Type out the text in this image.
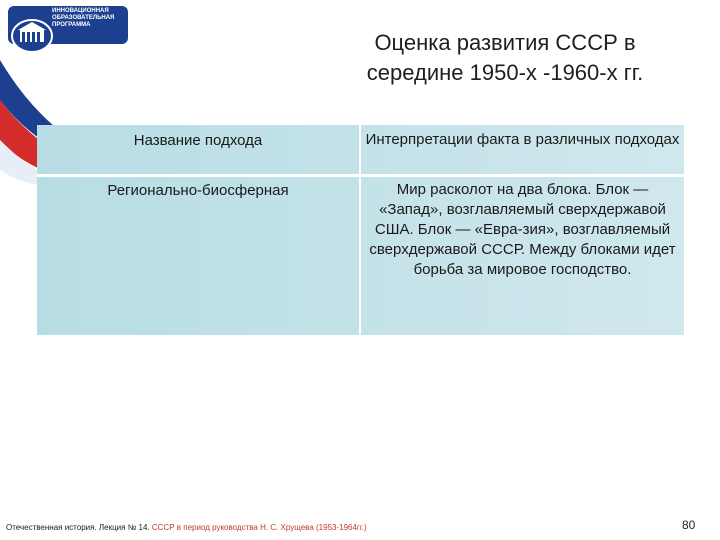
ИННОВАЦИОННАЯ
ОБРАЗОВАТЕЛЬНАЯ
ПРОГРАММА
Оценка развития СССР в середине 1950-х -1960-х гг.
Название подхода	Интерпретации факта в различных подходах
Регионально-биосферная	Мир расколот на два блока. Блок — «Запад», возглавляемый сверхдержавой США. Блок — «Евра-зия», возглавляемый сверхдержавой СССР. Между блоками идет борьба за мировое господство.
Отечественная история. Лекция № 14. СССР в период руководства Н. С. Хрущева (1953-1964гг.)	80
